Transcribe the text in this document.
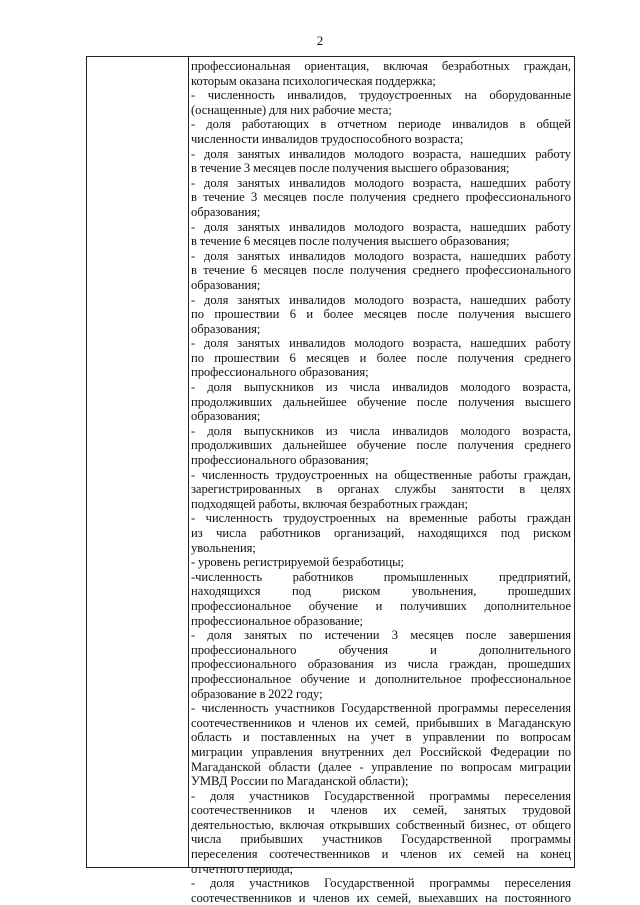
2
профессиональная ориентация, включая безработных граждан,
которым оказана психологическая поддержка;
- численность инвалидов, трудоустроенных на оборудованные
(оснащенные) для них рабочие места;
- доля работающих в отчетном периоде инвалидов в общей
численности инвалидов трудоспособного возраста;
- доля занятых инвалидов молодого возраста, нашедших работу
в течение 3 месяцев после получения высшего образования;
- доля занятых инвалидов молодого возраста, нашедших работу
в течение 3 месяцев после получения среднего профессионального
образования;
- доля занятых инвалидов молодого возраста, нашедших работу
в течение 6 месяцев после получения высшего образования;
- доля занятых инвалидов молодого возраста, нашедших работу
в течение 6 месяцев после получения среднего профессионального
образования;
- доля занятых инвалидов молодого возраста, нашедших работу
по прошествии 6 и более месяцев после получения высшего
образования;
- доля занятых инвалидов молодого возраста, нашедших работу
по прошествии 6 месяцев и более после получения среднего
профессионального образования;
- доля выпускников из числа инвалидов молодого возраста,
продолживших дальнейшее обучение после получения высшего
образования;
- доля выпускников из числа инвалидов молодого возраста,
продолживших дальнейшее обучение после получения среднего
профессионального образования;
- численность трудоустроенных на общественные работы граждан,
зарегистрированных в органах службы занятости в целях
подходящей работы, включая безработных граждан;
- численность трудоустроенных на временные работы граждан
из числа работников организаций, находящихся под риском
увольнения;
- уровень регистрируемой безработицы;
-численность работников промышленных предприятий,
находящихся под риском увольнения, прошедших
профессиональное обучение и получивших дополнительное
профессиональное образование;
- доля занятых по истечении 3 месяцев после завершения
профессионального обучения и дополнительного
профессионального образования из числа граждан, прошедших
профессиональное обучение и дополнительное профессиональное
образование в 2022 году;
- численность участников Государственной программы переселения
соотечественников и членов их семей, прибывших в Магаданскую
область и поставленных на учет в управлении по вопросам
миграции управления внутренних дел Российской Федерации по
Магаданской области (далее - управление по вопросам миграции
УМВД России по Магаданской области);
- доля участников Государственной программы переселения
соотечественников и членов их семей, занятых трудовой
деятельностью, включая открывших собственный бизнес, от общего
числа прибывших участников Государственной программы
переселения соотечественников и членов их семей на конец
отчетного периода;
- доля участников Государственной программы переселения
соотечественников и членов их семей, выехавших на постоянного
